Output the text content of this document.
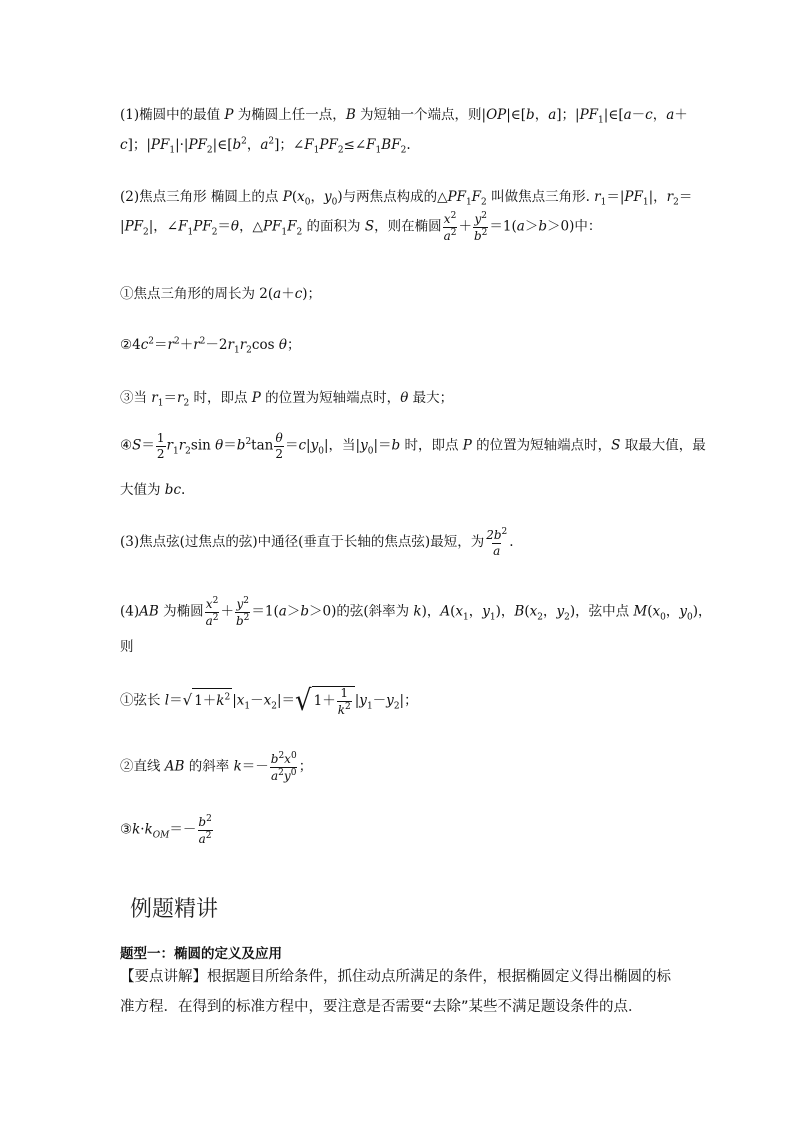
(1)椭圆中的最值 P 为椭圆上任一点，B 为短轴一个端点，则|OP|∈[b，a]；$|PF_1|\in[a-c$，a＋
c]；$|PF_1|\cdot|PF_2|\in[b^2$，$a^2$]；$\angle F_1PF_2\le\angle F_1BF_2$.
(2)焦点三角形 椭圆上的点 $P(x_0$，$y_0$)与两焦点构成的$\triangle PF_1F_2$ 叫做焦点三角形. $r_1=|PF_1|$，$r_2=$
$|PF_2|$，$\angle F_1PF_2=\theta$，$\triangle PF_1F_2$ 的面积为 S，则在椭圆 $\frac{x^2}{a^2} + \frac{y^2}{b^2} =1(a>b>0)$中：
①焦点三角形的周长为 2(a＋c)；
$②4c^2=r^2+r^2-2r_1r_2\cos$ θ；
③当 $r_1=r_2$ 时，即点 P 的位置为短轴端点时，θ 最大；
④S＝ $\frac{1}{2} r_1r_2\sin$ $\theta=b^2\tan \frac{\theta}{2} =c|y_0|$，当$|y_0|=b$ 时，即点 P 的位置为短轴端点时，S 取最大值，最
大值为 bc.
(3)焦点弦(过焦点的弦)中通径(垂直于长轴的焦点弦)最短，为 $\frac{2b^2}{a}$ .
(4)AB 为椭圆 $\frac{x^2}{a^2} + \frac{y^2}{b^2} =1(a>b>0)$的弦(斜率为 k)，$A(x_1$，$y_1$)，$B(x_2$，$y_2$)，弦中点 $M(x_0$，$y_0$)，
则
①弦长 l＝√ $1+k^2$ $|x_1-x_2|=√$ $1+ \frac{1}{k^2} |y_1-y_2|$；
②直线 AB 的斜率 $k=- \frac{b^2x^0}{a^2y^0}$ ；
$③k\cdot k_{OM}=- \frac{b^2}{a^2}$
例题精讲
题型一：椭圆的定义及应用
【要点讲解】根据题目所给条件，抓住动点所满足的条件，根据椭圆定义得出椭圆的标准方程．在得到的标准方程中，要注意是否需要“去除”某些不满足题设条件的点．
